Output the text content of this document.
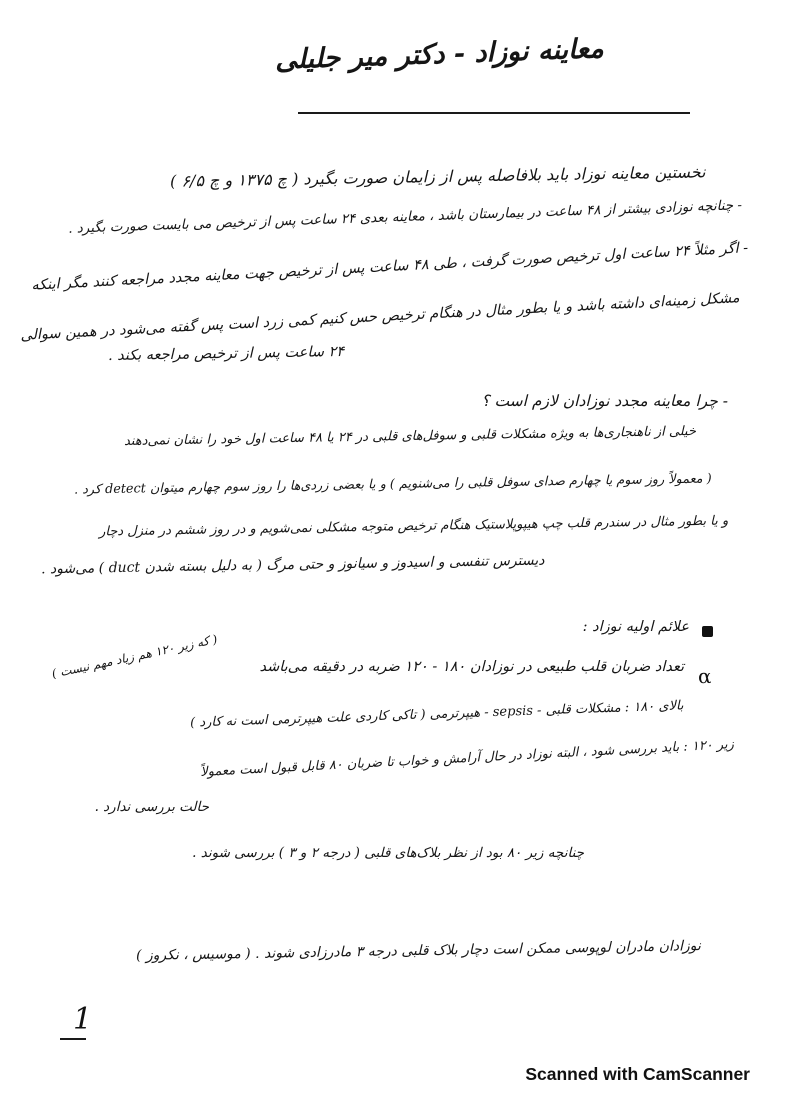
معاینه نوزاد - دکتر میر جلیلی
نخستین معاینه نوزاد باید بلافاصله پس از زایمان صورت بگیرد ( چ ۱۳۷۵ و چ ۶/۵ )
- چنانچه نوزادی بیشتر از ۴۸ ساعت در بیمارستان باشد ، معاینه بعدی ۲۴ ساعت پس از ترخیص می بایست صورت بگیرد .
- اگر مثلاً ۲۴ ساعت اول ترخیص صورت گرفت ، طی ۴۸ ساعت پس از ترخیص جهت معاینه مجدد مراجعه کنند مگر اینکه
مشکل زمینه‌ای داشته باشد و یا بطور مثال در هنگام ترخیص حس کنیم کمی زرد است پس گفته می‌شود در همین سوالی
۲۴ ساعت پس از ترخیص مراجعه بکند .
- چرا معاینه مجدد نوزادان لازم است ؟
خیلی از ناهنجاری‌ها به ویژه مشکلات قلبی و سوفل‌های قلبی در ۲۴ یا ۴۸ ساعت اول خود را نشان نمی‌دهند
( معمولاً روز سوم یا چهارم صدای سوفل قلبی را می‌شنویم ) و یا بعضی زردی‌ها را روز سوم چهارم میتوان detect کرد .
و یا بطور مثال در سندرم قلب چپ هیپوپلاستیک هنگام ترخیص متوجه مشکلی نمی‌شویم و در روز ششم در منزل دچار
دیسترس تنفسی و اسیدوز و سیانوز و حتی مرگ ( به دلیل بسته شدن duct ) می‌شود .
علائم اولیه نوزاد :
α
تعداد ضربان قلب طبیعی در نوزادان ۱۸۰ - ۱۲۰ ضربه در دقیقه می‌باشد
( که زیر ۱۲۰ هم زیاد مهم نیست )
بالای ۱۸۰ : مشکلات قلبی - sepsis - هیپرترمی ( تاکی کاردی علت هیپرترمی است نه کارد )
زیر ۱۲۰ : باید بررسی شود ، البته نوزاد در حال آرامش و خواب تا ضربان ۸۰ قابل قبول است معمولاً
حالت بررسی ندارد .
چنانچه زیر ۸۰ بود از نظر بلاک‌های قلبی ( درجه ۲ و ۳ ) بررسی شوند .
نوزادان مادران لوپوسی ممکن است دچار بلاک قلبی درجه ۳ مادرزادی شوند . ( موسیس ، نکروز )
1
Scanned with CamScanner
